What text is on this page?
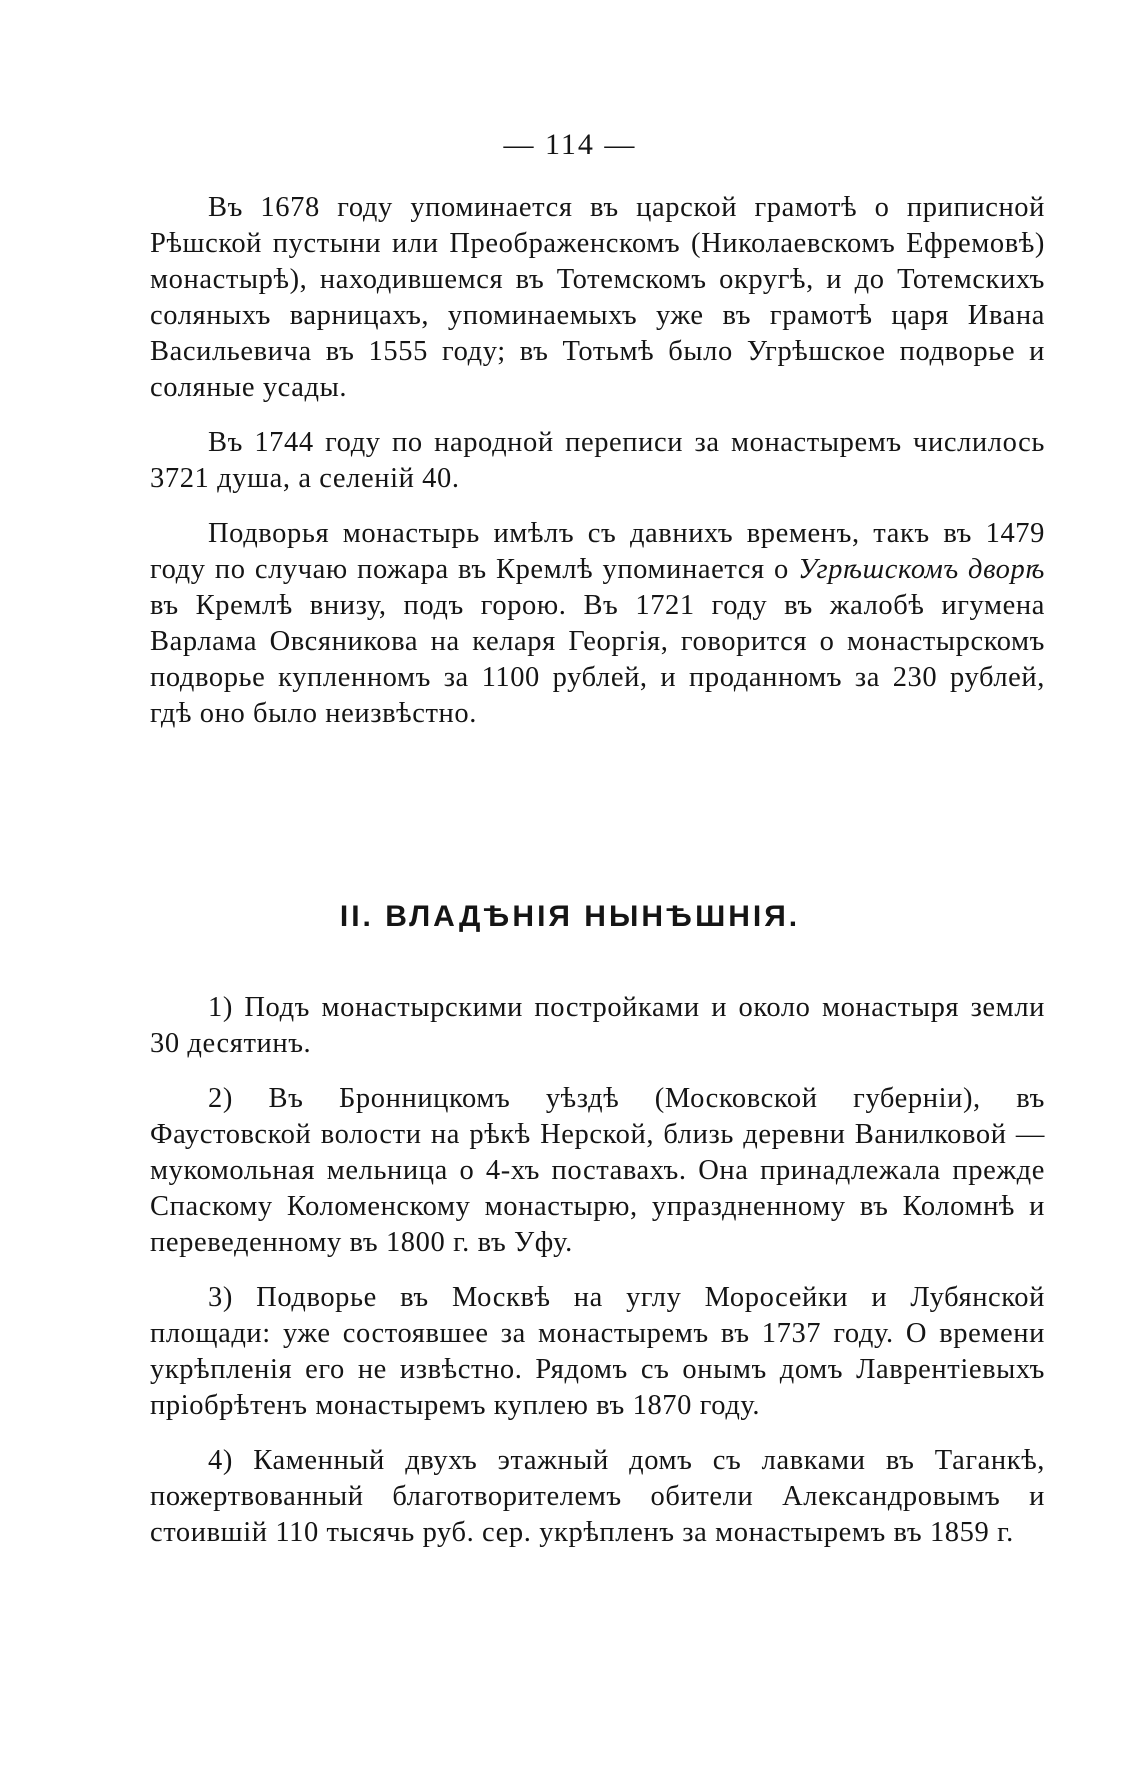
— 114 —

Въ 1678 году упоминается въ царской грамотѣ о приписной Рѣшской пустыни или Преображенскомъ (Николаевскомъ Ефремовѣ) монастырѣ), находившемся въ Тотемскомъ округѣ, и до Тотемскихъ соляныхъ варницахъ, упоминаемыхъ уже въ грамотѣ царя Ивана Васильевича въ 1555 году; въ Тотьмѣ было Угрѣшское подворье и соляные усады.

Въ 1744 году по народной переписи за монастыремъ числилось 3721 душа, а селеній 40.

Подворья монастырь имѣлъ съ давнихъ временъ, такъ въ 1479 году по случаю пожара въ Кремлѣ упоминается о Угрѣшскомъ дворѣ въ Кремлѣ внизу, подъ горою. Въ 1721 году въ жалобѣ игумена Варлама Овсяникова на келаря Георгія, говорится о монастырскомъ подворье купленномъ за 1100 рублей, и проданномъ за 230 рублей, гдѣ оно было неизвѣстно.

II. ВЛАДѢНІЯ НЫНѢШНІЯ.

1) Подъ монастырскими постройками и около монастыря земли 30 десятинъ.

2) Въ Бронницкомъ уѣздѣ (Московской губерніи), въ Фаустовской волости на рѣкѣ Нерской, близь деревни Ванилковой — мукомольная мельница о 4-хъ поставахъ. Она принадлежала прежде Спаскому Коломенскому монастырю, упраздненному въ Коломнѣ и переведенному въ 1800 г. въ Уфу.

3) Подворье въ Москвѣ на углу Моросейки и Лубянской площади: уже состоявшее за монастыремъ въ 1737 году. О времени укрѣпленія его не извѣстно. Рядомъ съ онымъ домъ Лаврентіевыхъ пріобрѣтенъ монастыремъ куплею въ 1870 году.

4) Каменный двухъ этажный домъ съ лавками въ Таганкѣ, пожертвованный благотворителемъ обители Александровымъ и стоившій 110 тысячь руб. сер. укрѣпленъ за монастыремъ въ 1859 г.
